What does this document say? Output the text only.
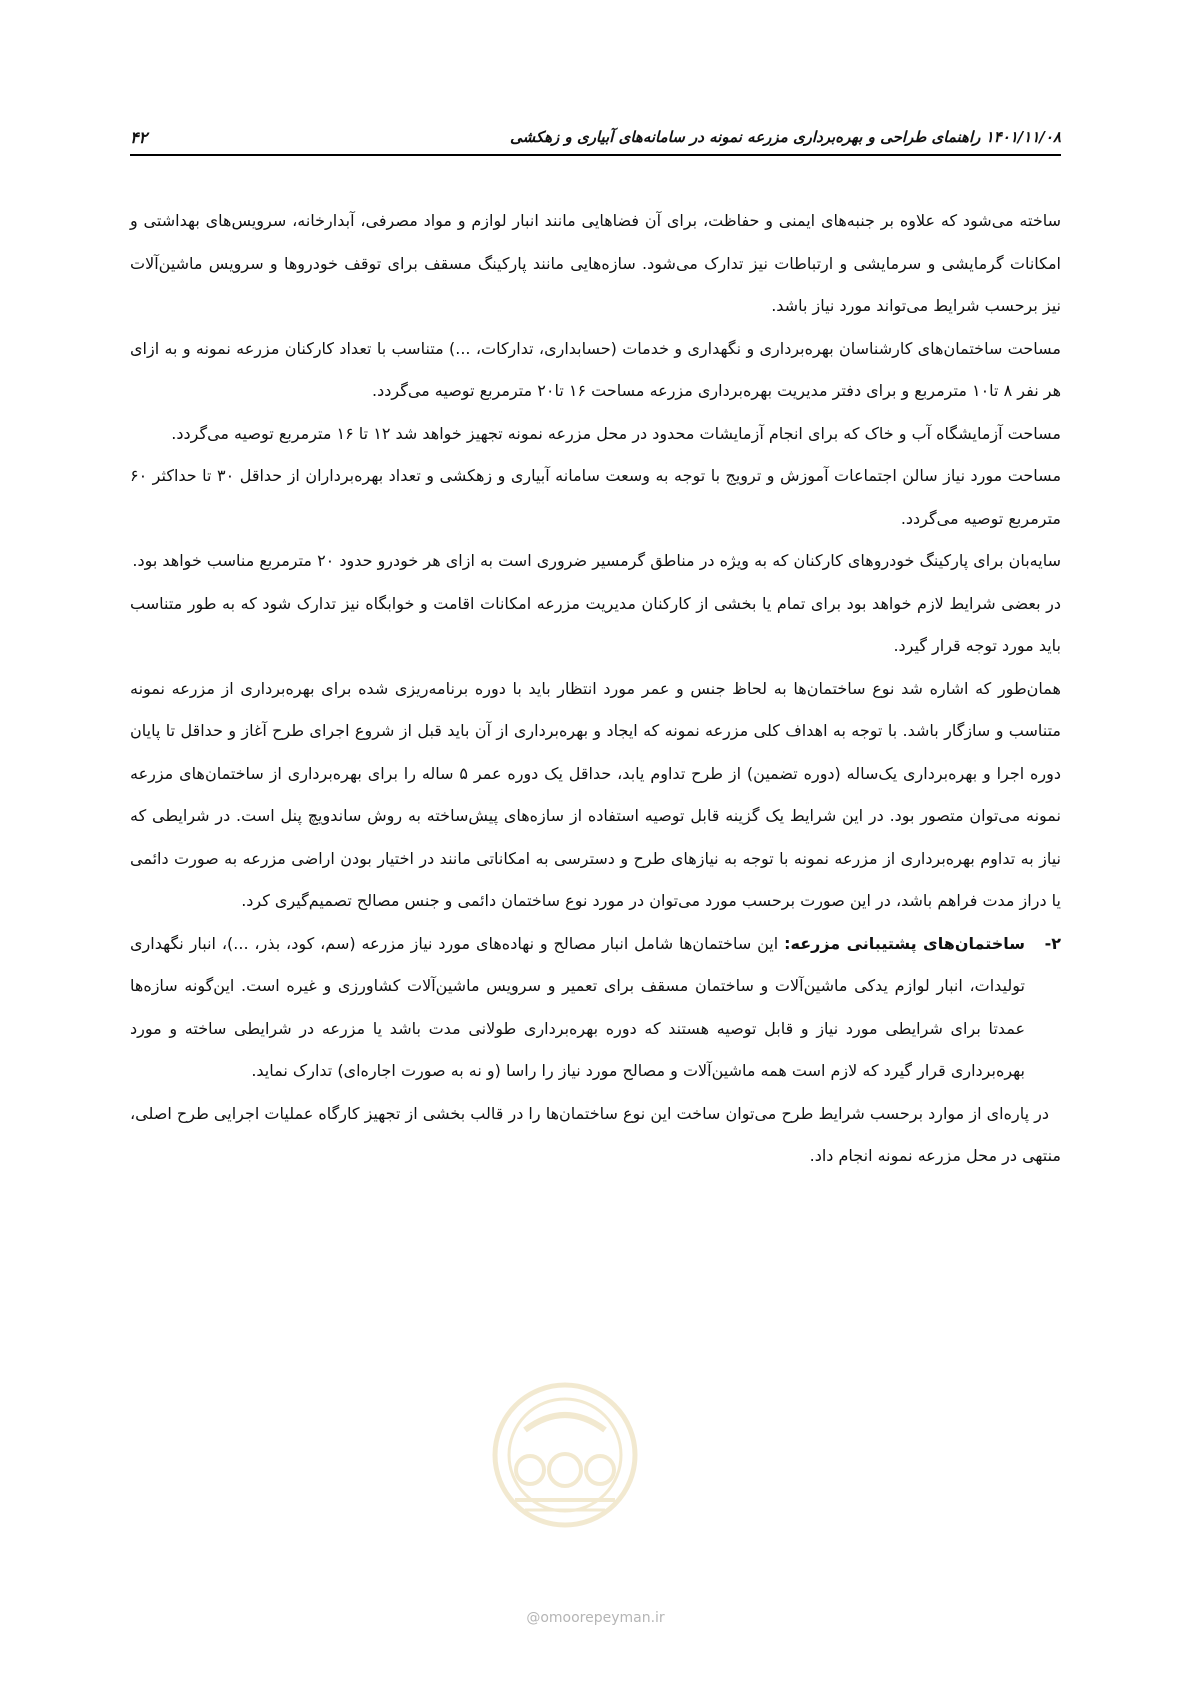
۴۲	۱۴۰۱/۱۱/۰۸ راهنمای طراحی و بهره‌برداری مزرعه نمونه در سامانه‌های آبیاری و زهکشی

ساخته می‌شود که علاوه بر جنبه‌های ایمنی و حفاظت، برای آن فضاهایی مانند انبار لوازم و مواد مصرفی، آبدارخانه، سرویس‌های بهداشتی و امکانات گرمایشی و سرمایشی و ارتباطات نیز تدارک می‌شود. سازه‌هایی مانند پارکینگ مسقف برای توقف خودروها و سرویس ماشین‌آلات نیز برحسب شرایط می‌تواند مورد نیاز باشد.

مساحت ساختمان‌های کارشناسان بهره‌برداری و نگهداری و خدمات (حسابداری، تدارکات، ...) متناسب با تعداد کارکنان مزرعه نمونه و به ازای هر نفر ۸ تا۱۰ مترمربع و برای دفتر مدیریت بهره‌برداری مزرعه مساحت ۱۶ تا۲۰ مترمربع توصیه می‌گردد.

مساحت آزمایشگاه آب و خاک که برای انجام آزمایشات محدود در محل مزرعه نمونه تجهیز خواهد شد ۱۲ تا ۱۶ مترمربع توصیه می‌گردد.

مساحت مورد نیاز سالن اجتماعات آموزش و ترویج با توجه به وسعت سامانه آبیاری و زهکشی و تعداد بهره‌برداران از حداقل ۳۰ تا حداکثر ۶۰ مترمربع توصیه می‌گردد.

سایه‌بان برای پارکینگ خودروهای کارکنان که به ویژه در مناطق گرمسیر ضروری است به ازای هر خودرو حدود ۲۰ مترمربع مناسب خواهد بود.

در بعضی شرایط لازم خواهد بود برای تمام یا بخشی از کارکنان مدیریت مزرعه امکانات اقامت و خوابگاه نیز تدارک شود که به طور متناسب باید مورد توجه قرار گیرد.

همان‌طور که اشاره شد نوع ساختمان‌ها به لحاظ جنس و عمر مورد انتظار باید با دوره برنامه‌ریزی شده برای بهره‌برداری از مزرعه نمونه متناسب و سازگار باشد. با توجه به اهداف کلی مزرعه نمونه که ایجاد و بهره‌برداری از آن باید قبل از شروع اجرای طرح آغاز و حداقل تا پایان دوره اجرا و بهره‌برداری یک‌ساله (دوره تضمین) از طرح تداوم یابد، حداقل یک دوره عمر ۵ ساله را برای بهره‌برداری از ساختمان‌های مزرعه نمونه می‌توان متصور بود. در این شرایط یک گزینه قابل توصیه استفاده از سازه‌های پیش‌ساخته به روش ساندویچ پنل است. در شرایطی که نیاز به تداوم بهره‌برداری از مزرعه نمونه با توجه به نیازهای طرح و دسترسی به امکاناتی مانند در اختیار بودن اراضی مزرعه به صورت دائمی یا دراز مدت فراهم باشد، در این صورت برحسب مورد می‌توان در مورد نوع ساختمان دائمی و جنس مصالح تصمیم‌گیری کرد.

۲-
ساختمان‌های پشتیبانی مزرعه: این ساختمان‌ها شامل انبار مصالح و نهاده‌های مورد نیاز مزرعه (سم، کود، بذر، ...)، انبار نگهداری تولیدات، انبار لوازم یدکی ماشین‌آلات و ساختمان مسقف برای تعمیر و سرویس ماشین‌آلات کشاورزی و غیره است. این‌گونه سازه‌ها عمدتا برای شرایطی مورد نیاز و قابل توصیه هستند که دوره بهره‌برداری طولانی مدت باشد یا مزرعه در شرایطی ساخته و مورد بهره‌برداری قرار گیرد که لازم است همه ماشین‌آلات و مصالح مورد نیاز را راسا (و نه به صورت اجاره‌ای) تدارک نماید.

در پاره‌ای از موارد برحسب شرایط طرح می‌توان ساخت این نوع ساختمان‌ها را در قالب بخشی از تجهیز کارگاه عملیات اجرایی طرح اصلی، منتهی در محل مزرعه نمونه انجام داد.

@omoorepeyman.ir
